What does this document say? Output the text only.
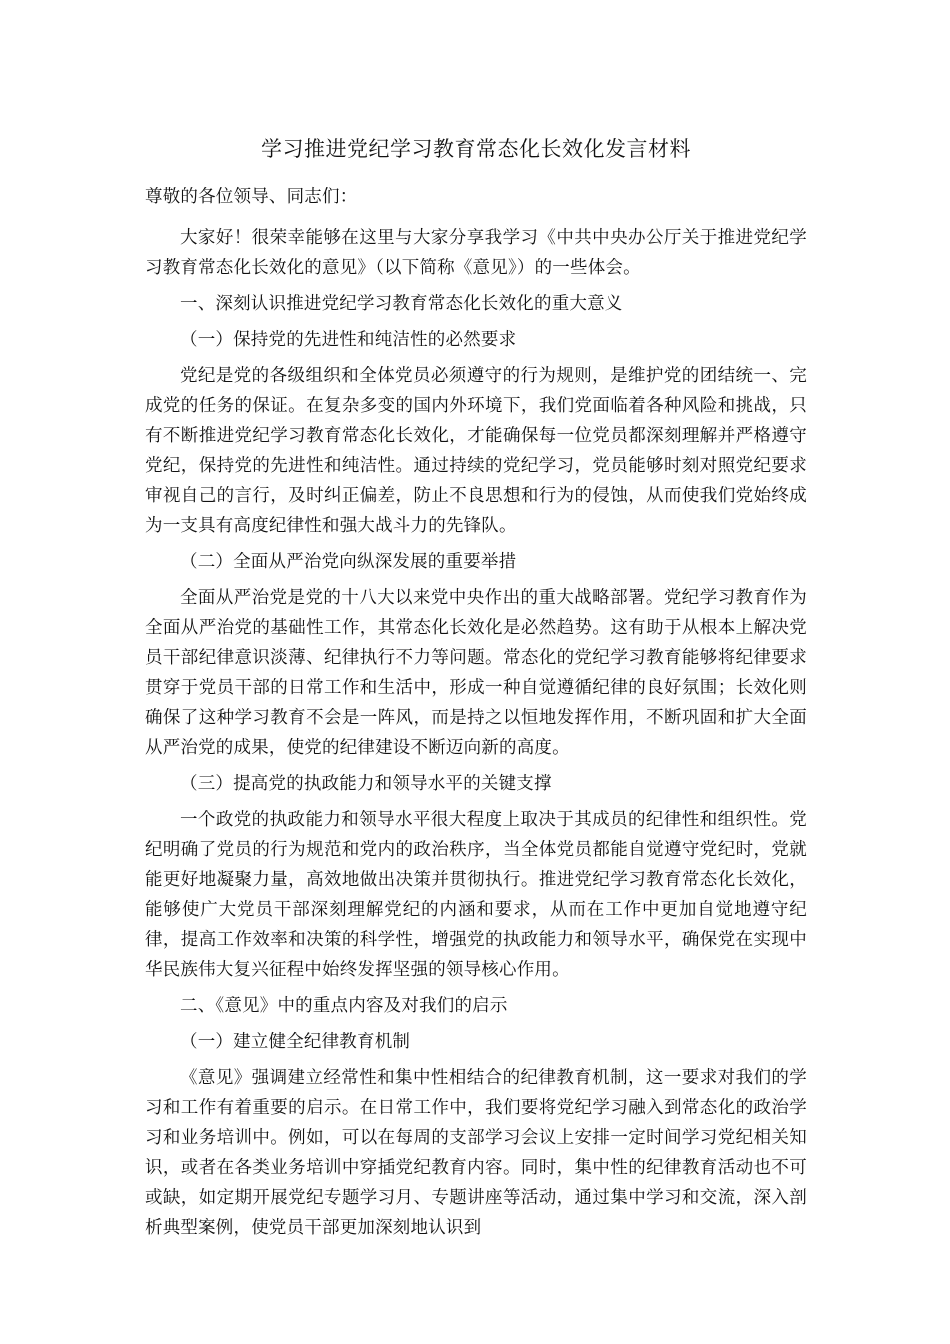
学习推进党纪学习教育常态化长效化发言材料

尊敬的各位领导、同志们：

大家好！很荣幸能够在这里与大家分享我学习《中共中央办公厅关于推进党纪学习教育常态化长效化的意见》（以下简称《意见》）的一些体会。

一、深刻认识推进党纪学习教育常态化长效化的重大意义

（一）保持党的先进性和纯洁性的必然要求

党纪是党的各级组织和全体党员必须遵守的行为规则，是维护党的团结统一、完成党的任务的保证。在复杂多变的国内外环境下，我们党面临着各种风险和挑战，只有不断推进党纪学习教育常态化长效化，才能确保每一位党员都深刻理解并严格遵守党纪，保持党的先进性和纯洁性。通过持续的党纪学习，党员能够时刻对照党纪要求审视自己的言行，及时纠正偏差，防止不良思想和行为的侵蚀，从而使我们党始终成为一支具有高度纪律性和强大战斗力的先锋队。

（二）全面从严治党向纵深发展的重要举措

全面从严治党是党的十八大以来党中央作出的重大战略部署。党纪学习教育作为全面从严治党的基础性工作，其常态化长效化是必然趋势。这有助于从根本上解决党员干部纪律意识淡薄、纪律执行不力等问题。常态化的党纪学习教育能够将纪律要求贯穿于党员干部的日常工作和生活中，形成一种自觉遵循纪律的良好氛围；长效化则确保了这种学习教育不会是一阵风，而是持之以恒地发挥作用，不断巩固和扩大全面从严治党的成果，使党的纪律建设不断迈向新的高度。

（三）提高党的执政能力和领导水平的关键支撑

一个政党的执政能力和领导水平很大程度上取决于其成员的纪律性和组织性。党纪明确了党员的行为规范和党内的政治秩序，当全体党员都能自觉遵守党纪时，党就能更好地凝聚力量，高效地做出决策并贯彻执行。推进党纪学习教育常态化长效化，能够使广大党员干部深刻理解党纪的内涵和要求，从而在工作中更加自觉地遵守纪律，提高工作效率和决策的科学性，增强党的执政能力和领导水平，确保党在实现中华民族伟大复兴征程中始终发挥坚强的领导核心作用。

二、《意见》中的重点内容及对我们的启示

（一）建立健全纪律教育机制

《意见》强调建立经常性和集中性相结合的纪律教育机制，这一要求对我们的学习和工作有着重要的启示。在日常工作中，我们要将党纪学习融入到常态化的政治学习和业务培训中。例如，可以在每周的支部学习会议上安排一定时间学习党纪相关知识，或者在各类业务培训中穿插党纪教育内容。同时，集中性的纪律教育活动也不可或缺，如定期开展党纪专题学习月、专题讲座等活动，通过集中学习和交流，深入剖析典型案例，使党员干部更加深刻地认识到
